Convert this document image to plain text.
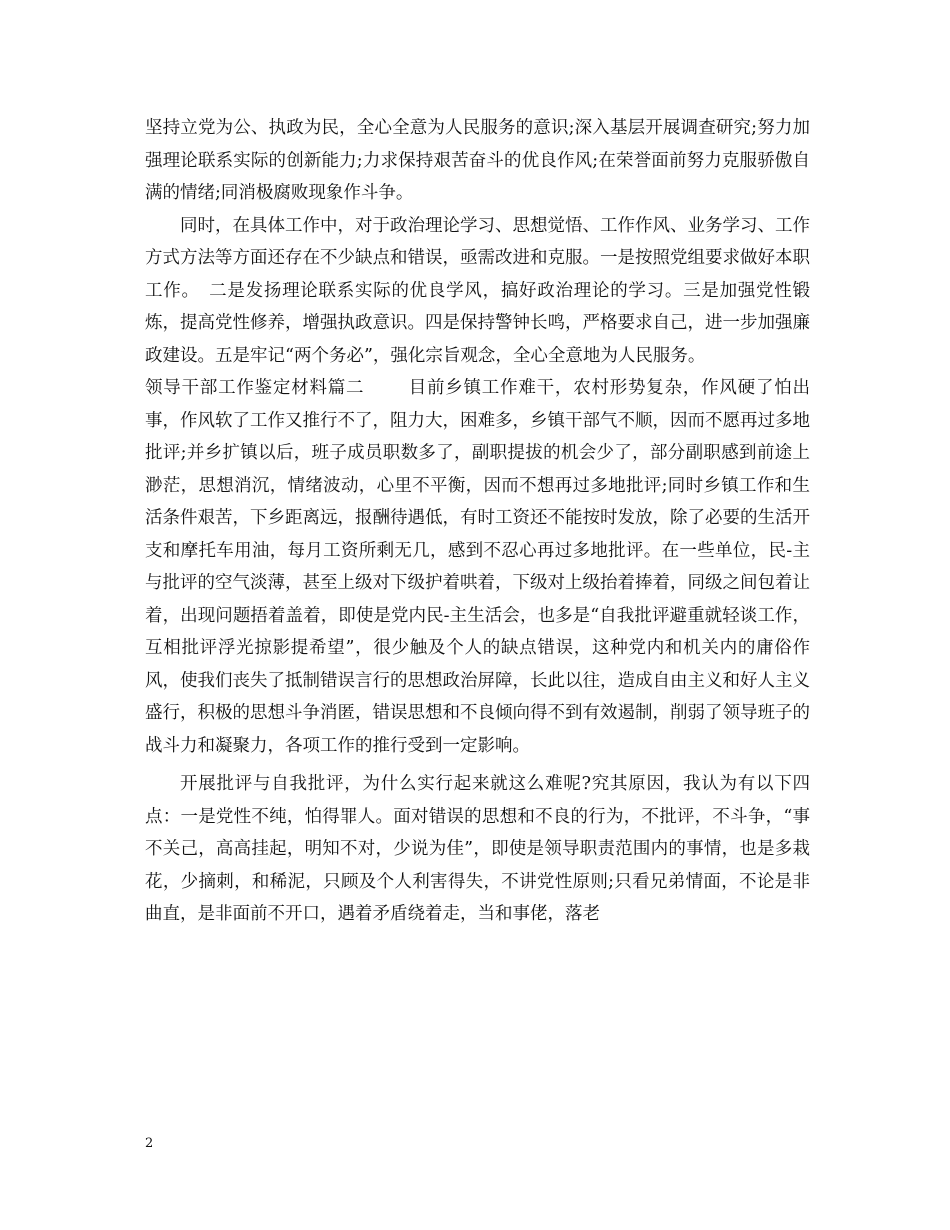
坚持立党为公、执政为民，全心全意为人民服务的意识;深入基层开展调查研究;努力加强理论联系实际的创新能力;力求保持艰苦奋斗的优良作风;在荣誉面前努力克服骄傲自满的情绪;同消极腐败现象作斗争。

同时，在具体工作中，对于政治理论学习、思想觉悟、工作作风、业务学习、工作方式方法等方面还存在不少缺点和错误，亟需改进和克服。一是按照党组要求做好本职工作。　二是发扬理论联系实际的优良学风，搞好政治理论的学习。三是加强党性锻炼，提高党性修养，增强执政意识。四是保持警钟长鸣，严格要求自己，进一步加强廉政建设。五是牢记“两个务必”，强化宗旨观念，全心全意地为人民服务。

领导干部工作鉴定材料篇二	目前乡镇工作难干，农村形势复杂，作风硬了怕出事，作风软了工作又推行不了，阻力大，困难多，乡镇干部气不顺，因而不愿再过多地批评;并乡扩镇以后，班子成员职数多了，副职提拔的机会少了，部分副职感到前途上渺茫，思想消沉，情绪波动，心里不平衡，因而不想再过多地批评;同时乡镇工作和生活条件艰苦，下乡距离远，报酬待遇低，有时工资还不能按时发放，除了必要的生活开支和摩托车用油，每月工资所剩无几，感到不忍心再过多地批评。在一些单位，民-主与批评的空气淡薄，甚至上级对下级护着哄着，下级对上级抬着捧着，同级之间包着让着，出现问题捂着盖着，即使是党内民-主生活会，也多是“自我批评避重就轻谈工作，互相批评浮光掠影提希望”，很少触及个人的缺点错误，这种党内和机关内的庸俗作风，使我们丧失了抵制错误言行的思想政治屏障，长此以往，造成自由主义和好人主义盛行，积极的思想斗争消匿，错误思想和不良倾向得不到有效遏制，削弱了领导班子的战斗力和凝聚力，各项工作的推行受到一定影响。

开展批评与自我批评，为什么实行起来就这么难呢?究其原因，我认为有以下四点：一是党性不纯，怕得罪人。面对错误的思想和不良的行为，不批评，不斗争，“事不关己，高高挂起，明知不对，少说为佳”，即使是领导职责范围内的事情，也是多栽花，少摘刺，和稀泥，只顾及个人利害得失，不讲党性原则;只看兄弟情面，不论是非曲直，是非面前不开口，遇着矛盾绕着走，当和事佬，落老

2
